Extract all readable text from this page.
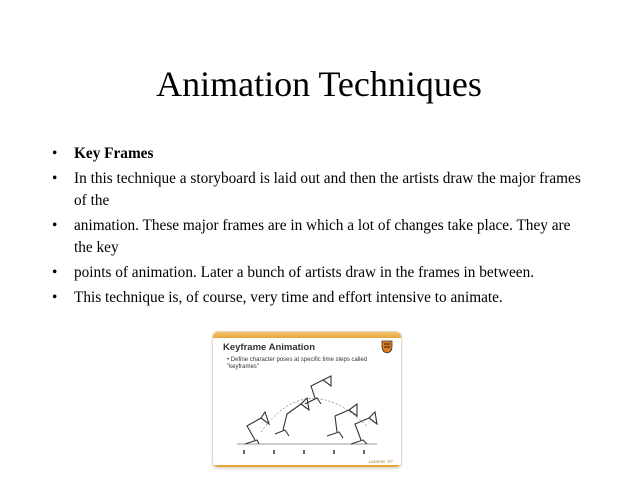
Animation Techniques
• Key Frames
• In this technique a storyboard is laid out and then the artists draw the major frames of the
• animation. These major frames are in which a lot of changes take place. They are the key
• points of animation. Later a bunch of artists draw in the frames in between.
• This technique is, of course, very time and effort intensive to animate.
Keyframe Animation
• Define character poses at specific time steps called "keyframes"
Lasseter '87
